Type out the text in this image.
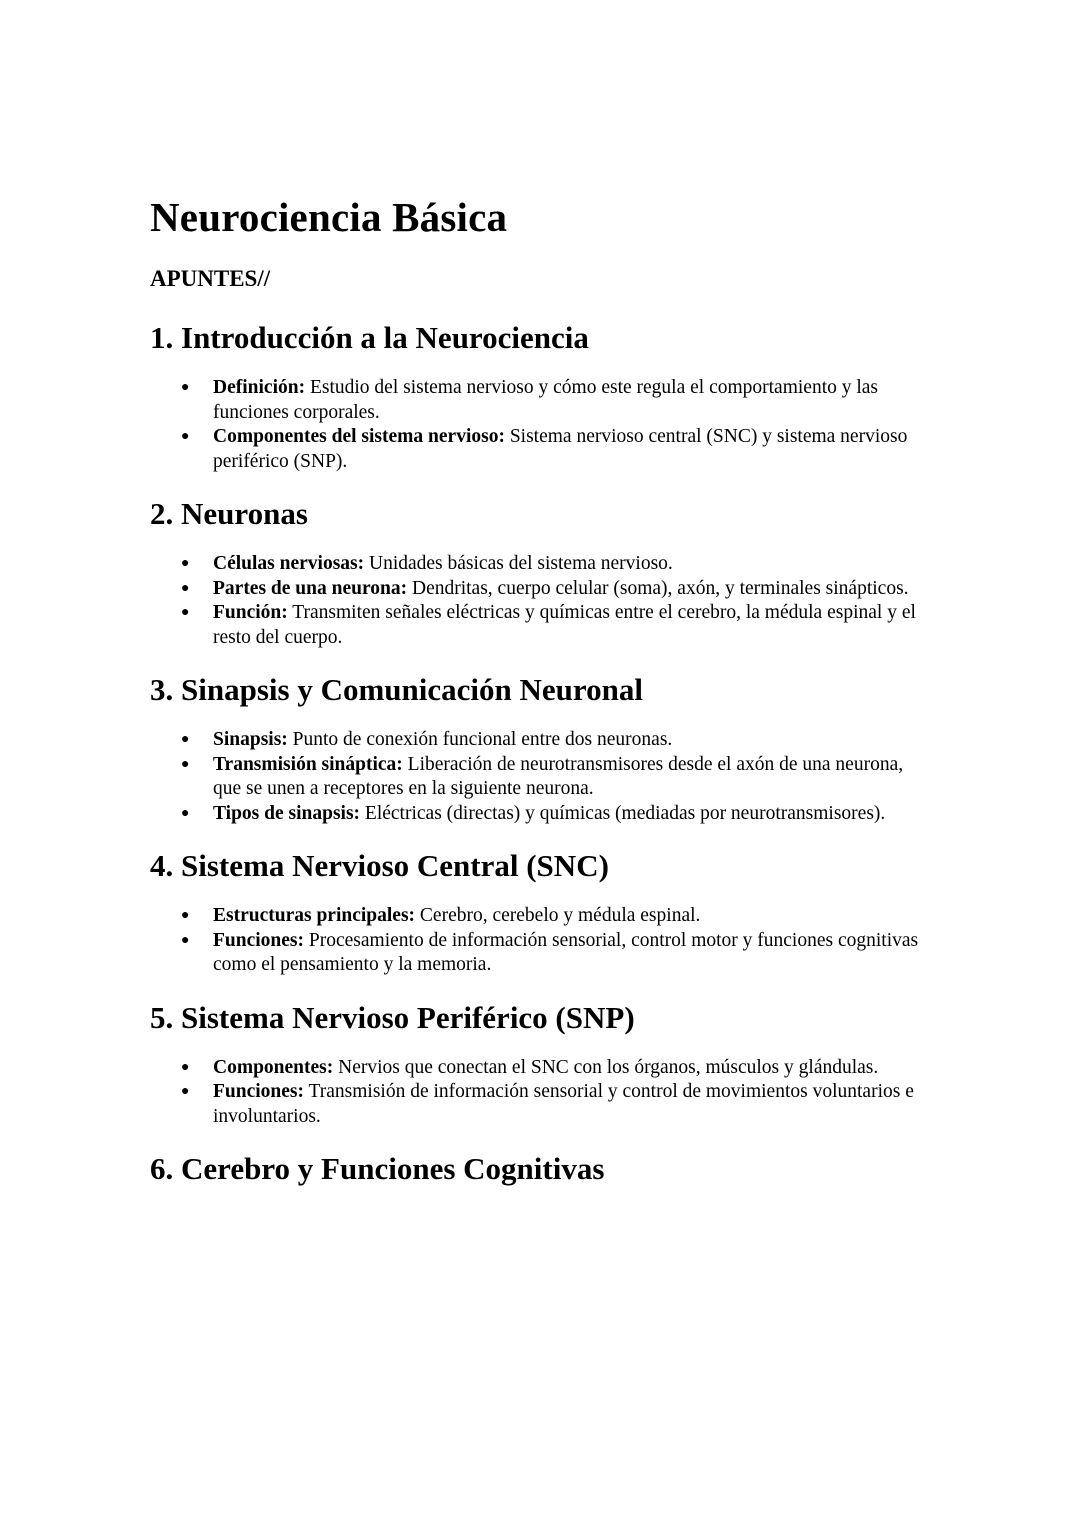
Neurociencia Básica
APUNTES//
1. Introducción a la Neurociencia
● Definición: Estudio del sistema nervioso y cómo este regula el comportamiento y las funciones corporales.
● Componentes del sistema nervioso: Sistema nervioso central (SNC) y sistema nervioso periférico (SNP).
2. Neuronas
● Células nerviosas: Unidades básicas del sistema nervioso.
● Partes de una neurona: Dendritas, cuerpo celular (soma), axón, y terminales sinápticos.
● Función: Transmiten señales eléctricas y químicas entre el cerebro, la médula espinal y el resto del cuerpo.
3. Sinapsis y Comunicación Neuronal
● Sinapsis: Punto de conexión funcional entre dos neuronas.
● Transmisión sináptica: Liberación de neurotransmisores desde el axón de una neurona, que se unen a receptores en la siguiente neurona.
● Tipos de sinapsis: Eléctricas (directas) y químicas (mediadas por neurotransmisores).
4. Sistema Nervioso Central (SNC)
● Estructuras principales: Cerebro, cerebelo y médula espinal.
● Funciones: Procesamiento de información sensorial, control motor y funciones cognitivas como el pensamiento y la memoria.
5. Sistema Nervioso Periférico (SNP)
● Componentes: Nervios que conectan el SNC con los órganos, músculos y glándulas.
● Funciones: Transmisión de información sensorial y control de movimientos voluntarios e involuntarios.
6. Cerebro y Funciones Cognitivas
